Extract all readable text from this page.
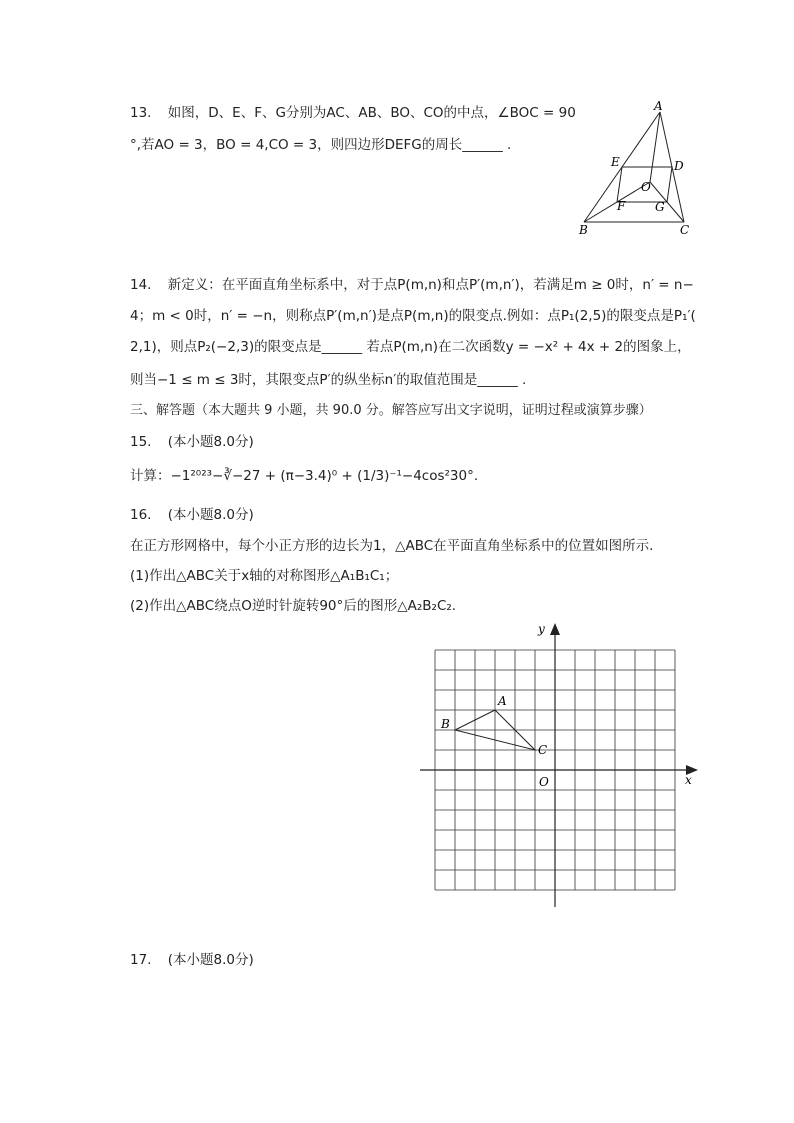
13. 如图，D、E、F、G分别为AC、AB、BO、CO的中点，∠BOC = 90
°,若AO = 3，BO = 4,CO = 3，则四边形DEFG的周长______ .
A
E	D
O
F G
B	C
14. 新定义：在平面直角坐标系中，对于点P(m,n)和点P′(m,n′)，若满足m ≥ 0时，n′ = n−
4；m < 0时，n′ = −n，则称点P′(m,n′)是点P(m,n)的限变点.例如：点P₁(2,5)的限变点是P₁′(
2,1)，则点P₂(−2,3)的限变点是______ 若点P(m,n)在二次函数y = −x² + 4x + 2的图象上，
则当−1 ≤ m ≤ 3时，其限变点P′的纵坐标n′的取值范围是______ .
三、解答题（本大题共 9 小题，共 90.0 分。解答应写出文字说明，证明过程或演算步骤）
15. (本小题8.0分)
计算：−1²⁰²³−∛−27 + (π−3.4)⁰ + (1/3)⁻¹−4cos²30°.
16. (本小题8.0分)
在正方形网格中，每个小正方形的边长为1，△ABC在平面直角坐标系中的位置如图所示.
(1)作出△ABC关于x轴的对称图形△A₁B₁C₁；
(2)作出△ABC绕点O逆时针旋转90°后的图形△A₂B₂C₂.
x
y
O
A
B
C
17. (本小题8.0分)
